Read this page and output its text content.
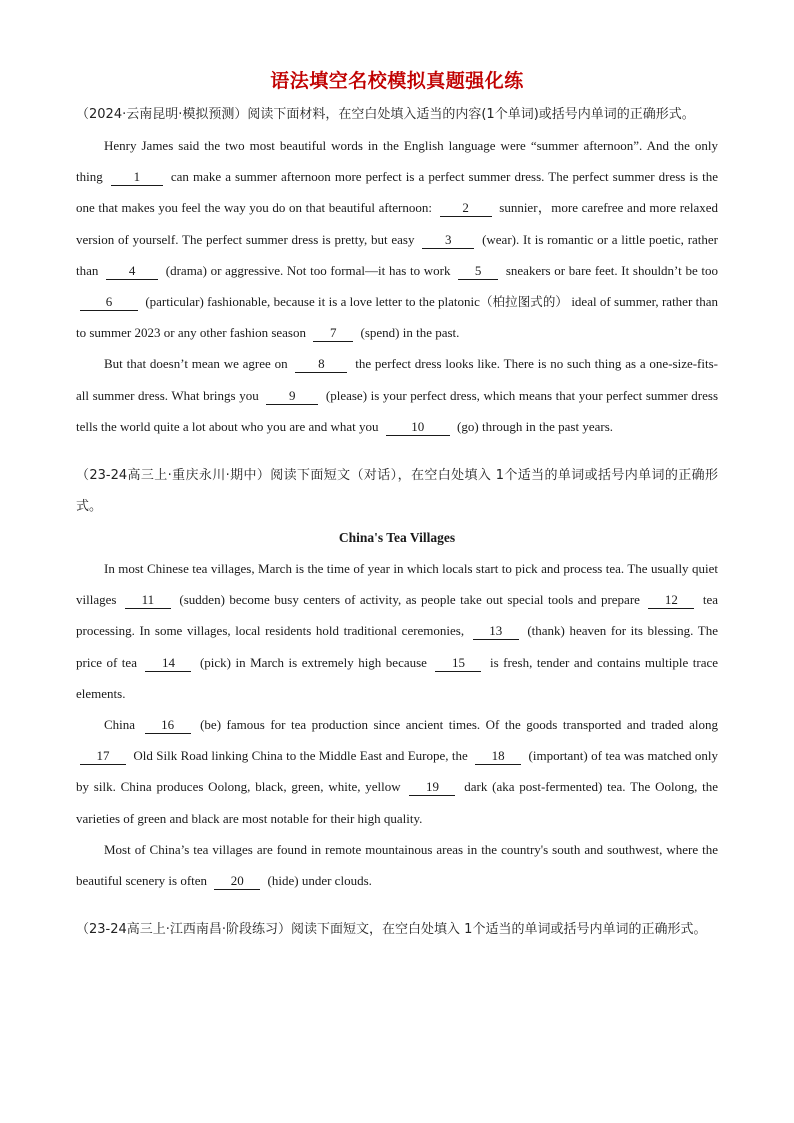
语法填空名校模拟真题强化练

（2024·云南昆明·模拟预测）阅读下面材料，在空白处填入适当的内容(1个单词)或括号内单词的正确形式。

Henry James said the two most beautiful words in the English language were “summer afternoon”. And the only thing 1 can make a summer afternoon more perfect is a perfect summer dress. The perfect summer dress is the one that makes you feel the way you do on that beautiful afternoon: 2 sunnier，more carefree and more relaxed version of yourself. The perfect summer dress is pretty, but easy 3 (wear). It is romantic or a little poetic, rather than 4 (drama) or aggressive. Not too formal—it has to work 5 sneakers or bare feet. It shouldn’t be too 6	(particular) fashionable, because it is a love letter to the platonic（柏拉图式的） ideal of summer, rather than to summer 2023 or any other fashion season 7 (spend) in the past.

But that doesn’t mean we agree on 8 the perfect dress looks like. There is no such thing as a one-size-fits-all summer dress. What brings you 9 (please) is your perfect dress, which means that your perfect summer dress tells the world quite a lot about who you are and what you	10	(go) through in the past years.

（23-24高三上·重庆永川·期中）阅读下面短文（对话），在空白处填入 1个适当的单词或括号内单词的正确形式。

China's Tea Villages

In most Chinese tea villages, March is the time of year in which locals start to pick and process tea. The usually quiet villages 11 (sudden) become busy centers of activity, as people take out special tools and prepare 12 tea processing. In some villages, local residents hold traditional ceremonies, 13 (thank) heaven for its blessing. The price of tea 14 (pick) in March is extremely high because 15 is fresh, tender and contains multiple trace elements.

China 16 (be) famous for tea production since ancient times. Of the goods transported and traded along 17 Old Silk Road linking China to the Middle East and Europe, the 18 (important) of tea was matched only by silk. China produces Oolong, black, green, white, yellow 19 dark (aka post-fermented) tea. The Oolong, the varieties of green and black are most notable for their high quality.

Most of China’s tea villages are found in remote mountainous areas in the country's south and southwest, where the beautiful scenery is often 20 (hide) under clouds.

（23-24高三上·江西南昌·阶段练习）阅读下面短文，在空白处填入 1个适当的单词或括号内单词的正确形式。
